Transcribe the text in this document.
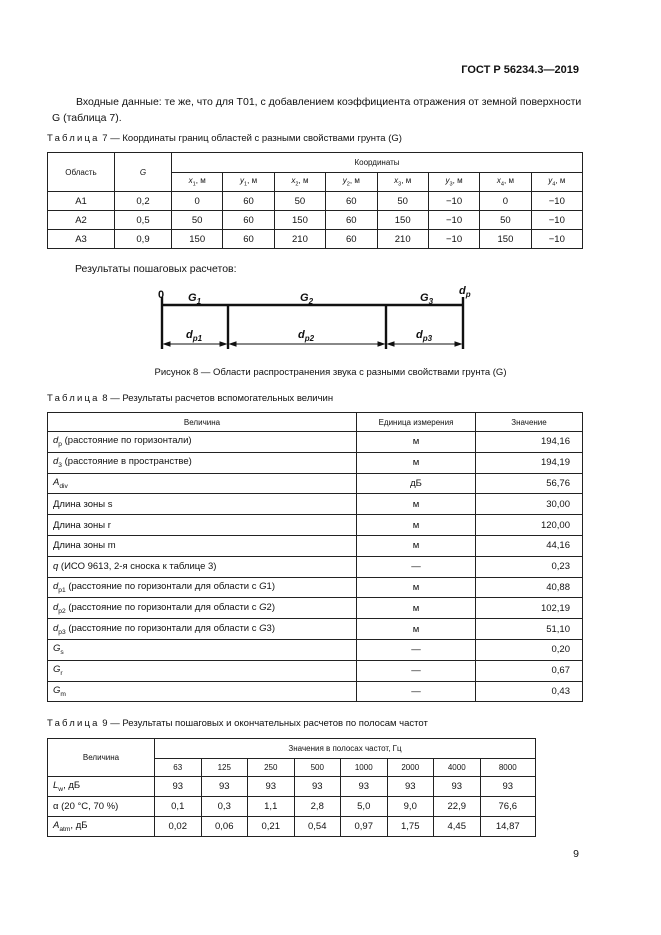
ГОСТ Р 56234.3—2019
Входные данные: те же, что для Т01, с добавлением коэффициента отражения от земной поверхности G (таблица 7).
Таблица 7 — Координаты границ областей с разными свойствами грунта (G)
Область	G	Координаты							
		$x_1$, м	$y_1$, м	$x_2$, м	$y_2$, м	$x_3$, м	$y_3$, м	$x_4$, м	$y_4$, м
А1	0,2	0	60	50	60	50	−10	0	−10
А2	0,5	50	60	150	60	150	−10	50	−10
А3	0,9	150	60	210	60	210	−10	150	−10
Результаты пошаговых расчетов:
0 $G_1$	$G_2$	$G_3$
$d_p$
$d_{p1}$	$d_{p2}$	$d_{p3}$
Рисунок 8 — Области распространения звука с разными свойствами грунта (G)
Таблица 8 — Результаты расчетов вспомогательных величин
Величина	Единица измерения	Значение
$d_p$ (расстояние по горизонтали)	м	194,16
$d_3$ (расстояние в пространстве)	м	194,19
$A_{div}$	дБ	56,76
Длина зоны s	м	30,00
Длина зоны r	м	120,00
Длина зоны m	м	44,16
q (ИСО 9613, 2-я сноска к таблице 3)	—	0,23
$d_{p1}$ (расстояние по горизонтали для области с G1)	м	40,88
$d_{p2}$ (расстояние по горизонтали для области с G2)	м	102,19
$d_{p3}$ (расстояние по горизонтали для области с G3)	м	51,10
$G_s$	—	0,20
$G_r$	—	0,67
$G_m$	—	0,43
Таблица 9 — Результаты пошаговых и окончательных расчетов по полосам частот
Величина	Значения в полосах частот, Гц							
	63	125	250	500	1000	2000	4000	8000
$L_w$, дБ	93	93	93	93	93	93	93	93
α (20 °С, 70 %)	0,1	0,3	1,1	2,8	5,0	9,0	22,9	76,6
$A_{atm}$, дБ	0,02	0,06	0,21	0,54	0,97	1,75	4,45	14,87
9
